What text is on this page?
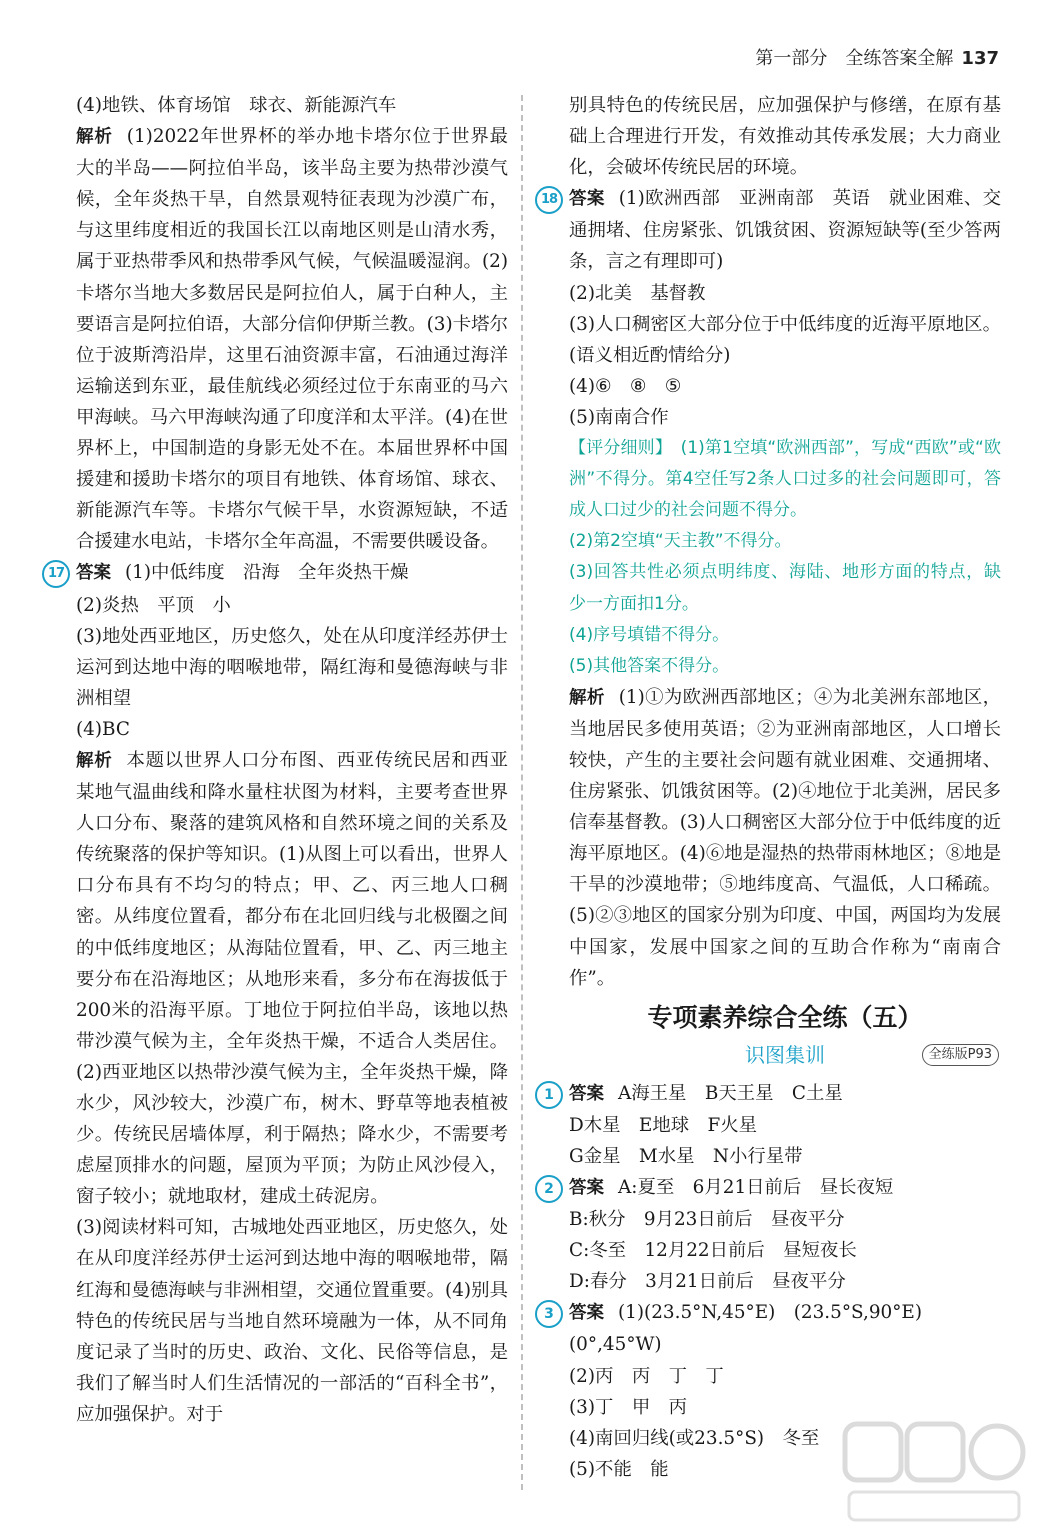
第一部分　全练答案全解 137

(4)地铁、体育场馆　球衣、新能源汽车

解析 (1)2022年世界杯的举办地卡塔尔位于世界最大的半岛——阿拉伯半岛，该半岛主要为热带沙漠气候，全年炎热干旱，自然景观特征表现为沙漠广布，与这里纬度相近的我国长江以南地区则是山清水秀，属于亚热带季风和热带季风气候，气候温暖湿润。(2)卡塔尔当地大多数居民是阿拉伯人，属于白种人，主要语言是阿拉伯语，大部分信仰伊斯兰教。(3)卡塔尔位于波斯湾沿岸，这里石油资源丰富，石油通过海洋运输送到东亚，最佳航线必须经过位于东南亚的马六甲海峡。马六甲海峡沟通了印度洋和太平洋。(4)在世界杯上，中国制造的身影无处不在。本届世界杯中国援建和援助卡塔尔的项目有地铁、体育场馆、球衣、新能源汽车等。卡塔尔气候干旱，水资源短缺，不适合援建水电站，卡塔尔全年高温，不需要供暖设备。

17 答案 (1)中低纬度　沿海　全年炎热干燥

(2)炎热　平顶　小

(3)地处西亚地区，历史悠久，处在从印度洋经苏伊士运河到达地中海的咽喉地带，隔红海和曼德海峡与非洲相望

(4)BC

解析 本题以世界人口分布图、西亚传统民居和西亚某地气温曲线和降水量柱状图为材料，主要考查世界人口分布、聚落的建筑风格和自然环境之间的关系及传统聚落的保护等知识。(1)从图上可以看出，世界人口分布具有不均匀的特点；甲、乙、丙三地人口稠密。从纬度位置看，都分布在北回归线与北极圈之间的中低纬度地区；从海陆位置看，甲、乙、丙三地主要分布在沿海地区；从地形来看，多分布在海拔低于200米的沿海平原。丁地位于阿拉伯半岛，该地以热带沙漠气候为主，全年炎热干燥，不适合人类居住。(2)西亚地区以热带沙漠气候为主，全年炎热干燥，降水少，风沙较大，沙漠广布，树木、野草等地表植被少。传统民居墙体厚，利于隔热；降水少，不需要考虑屋顶排水的问题，屋顶为平顶；为防止风沙侵入，窗子较小；就地取材，建成土砖泥房。

(3)阅读材料可知，古城地处西亚地区，历史悠久，处在从印度洋经苏伊士运河到达地中海的咽喉地带，隔红海和曼德海峡与非洲相望，交通位置重要。(4)别具特色的传统民居与当地自然环境融为一体，从不同角度记录了当时的历史、政治、文化、民俗等信息，是我们了解当时人们生活情况的一部活的“百科全书”，应加强保护。对于

别具特色的传统民居，应加强保护与修缮，在原有基础上合理进行开发，有效推动其传承发展；大力商业化，会破坏传统民居的环境。

18 答案 (1)欧洲西部　亚洲南部　英语　就业困难、交通拥堵、住房紧张、饥饿贫困、资源短缺等(至少答两条，言之有理即可)

(2)北美　基督教

(3)人口稠密区大部分位于中低纬度的近海平原地区。(语义相近酌情给分)

(4)⑥　⑧　⑤

(5)南南合作

【评分细则】　(1)第1空填“欧洲西部”，写成“西欧”或“欧洲”不得分。第4空任写2条人口过多的社会问题即可，答成人口过少的社会问题不得分。

(2)第2空填“天主教”不得分。

(3)回答共性必须点明纬度、海陆、地形方面的特点，缺少一方面扣1分。

(4)序号填错不得分。

(5)其他答案不得分。

解析 (1)①为欧洲西部地区；④为北美洲东部地区，当地居民多使用英语；②为亚洲南部地区，人口增长较快，产生的主要社会问题有就业困难、交通拥堵、住房紧张、饥饿贫困等。(2)④地位于北美洲，居民多信奉基督教。(3)人口稠密区大部分位于中低纬度的近海平原地区。(4)⑥地是湿热的热带雨林地区；⑧地是干旱的沙漠地带；⑤地纬度高、气温低，人口稀疏。(5)②③地区的国家分别为印度、中国，两国均为发展中国家，发展中国家之间的互助合作称为“南南合作”。

专项素养综合全练（五）
识图集训	全练版P93

1 答案 A海王星　B天王星　C土星

D木星　E地球　F火星

G金星　M水星　N小行星带

2 答案 A:夏至　6月21日前后　昼长夜短

B:秋分　9月23日前后　昼夜平分

C:冬至　12月22日前后　昼短夜长

D:春分　3月21日前后　昼夜平分

3 答案 (1)(23.5°N,45°E)　(23.5°S,90°E)

(0°,45°W)

(2)丙　丙　丁　丁

(3)丁　甲　丙

(4)南回归线(或23.5°S)　冬至

(5)不能　能
